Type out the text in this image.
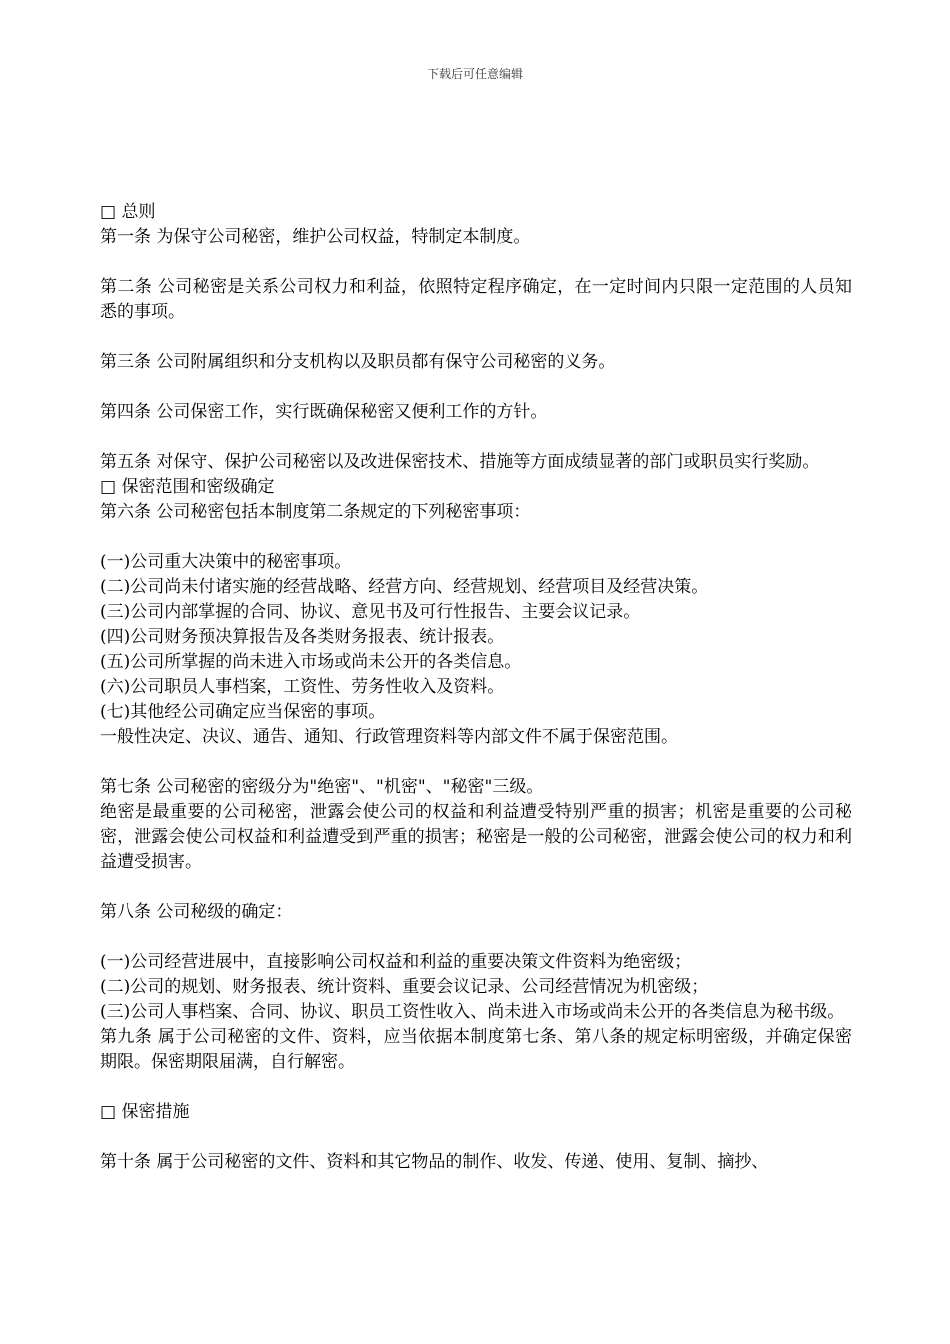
下载后可任意编辑

□ 总则

第一条 为保守公司秘密，维护公司权益，特制定本制度。

第二条 公司秘密是关系公司权力和利益，依照特定程序确定，在一定时间内只限一定范围的人员知悉的事项。

第三条 公司附属组织和分支机构以及职员都有保守公司秘密的义务。

第四条 公司保密工作，实行既确保秘密又便利工作的方针。

第五条 对保守、保护公司秘密以及改进保密技术、措施等方面成绩显著的部门或职员实行奖励。

□ 保密范围和密级确定

第六条 公司秘密包括本制度第二条规定的下列秘密事项：

(一)公司重大决策中的秘密事项。

(二)公司尚未付诸实施的经营战略、经营方向、经营规划、经营项目及经营决策。

(三)公司内部掌握的合同、协议、意见书及可行性报告、主要会议记录。

(四)公司财务预决算报告及各类财务报表、统计报表。

(五)公司所掌握的尚未进入市场或尚未公开的各类信息。

(六)公司职员人事档案，工资性、劳务性收入及资料。

(七)其他经公司确定应当保密的事项。

一般性决定、决议、通告、通知、行政管理资料等内部文件不属于保密范围。

第七条 公司秘密的密级分为"绝密"、"机密"、"秘密"三级。

绝密是最重要的公司秘密，泄露会使公司的权益和利益遭受特别严重的损害；机密是重要的公司秘密，泄露会使公司权益和利益遭受到严重的损害；秘密是一般的公司秘密，泄露会使公司的权力和利益遭受损害。

第八条 公司秘级的确定：

(一)公司经营进展中，直接影响公司权益和利益的重要决策文件资料为绝密级；

(二)公司的规划、财务报表、统计资料、重要会议记录、公司经营情况为机密级；

(三)公司人事档案、合同、协议、职员工资性收入、尚未进入市场或尚未公开的各类信息为秘书级。

第九条 属于公司秘密的文件、资料，应当依据本制度第七条、第八条的规定标明密级，并确定保密期限。保密期限届满，自行解密。

□ 保密措施

第十条 属于公司秘密的文件、资料和其它物品的制作、收发、传递、使用、复制、摘抄、
